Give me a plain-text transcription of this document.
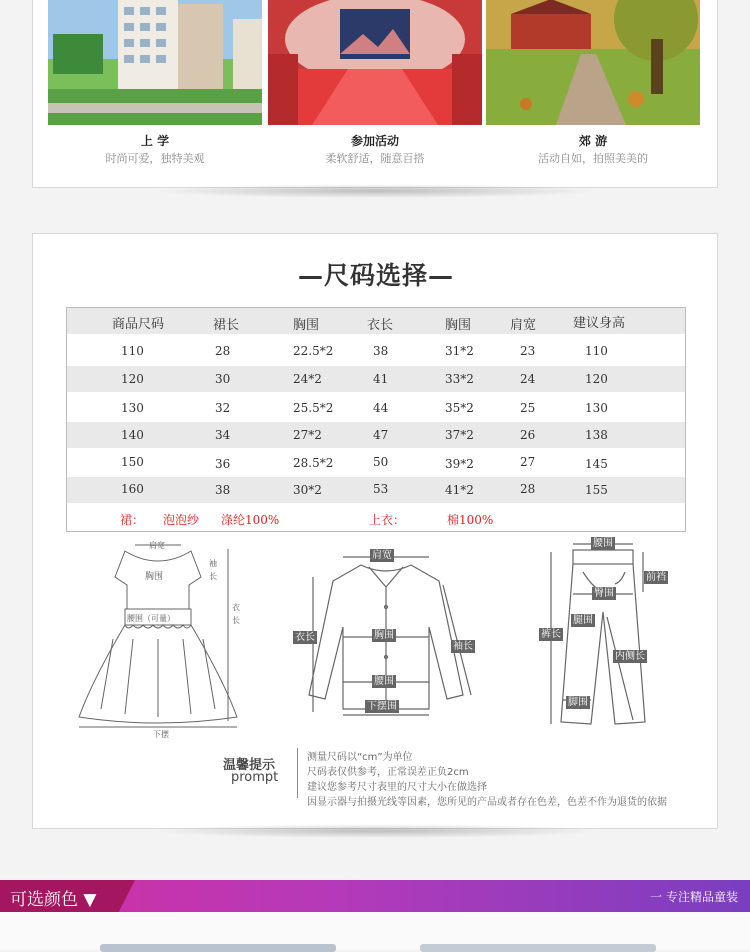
上 学
时尚可爱，独特美观
参加活动
柔软舒适，随意百搭
郊 游
活动自如，拍照美美的
—尺码选择—
商品尺码	裙长	胸围	衣长	胸围	肩宽	建议身高
110	28	22.5*2	38	31*2	23	110
120	30	24*2	41	33*2	24	120
130	32	25.5*2	44	35*2	25	130
140	34	27*2	47	37*2	26	138
150	36	28.5*2	50	39*2	27	145
160	38	30*2	53	41*2	28	155
裙： 泡泡纱 涤纶100%	上衣：	棉100%
肩宽
胸围
腰围（可量）
衣长
下摆
袖长
肩宽
衣长	胸围
袖长
腰围
下摆围
腰围
前裆
臀围
腿围
裤长
内侧长
脚围
温馨提示
prompt
测量尺码以“cm”为单位
尺码表仅供参考，正常误差正负2cm
建议您参考尺寸表里的尺寸大小在做选择
因显示器与拍摄光线等因素，您所见的产品或者存在色差，色差不作为退货的依据
可选颜色 ▼	一 专注精品童装
